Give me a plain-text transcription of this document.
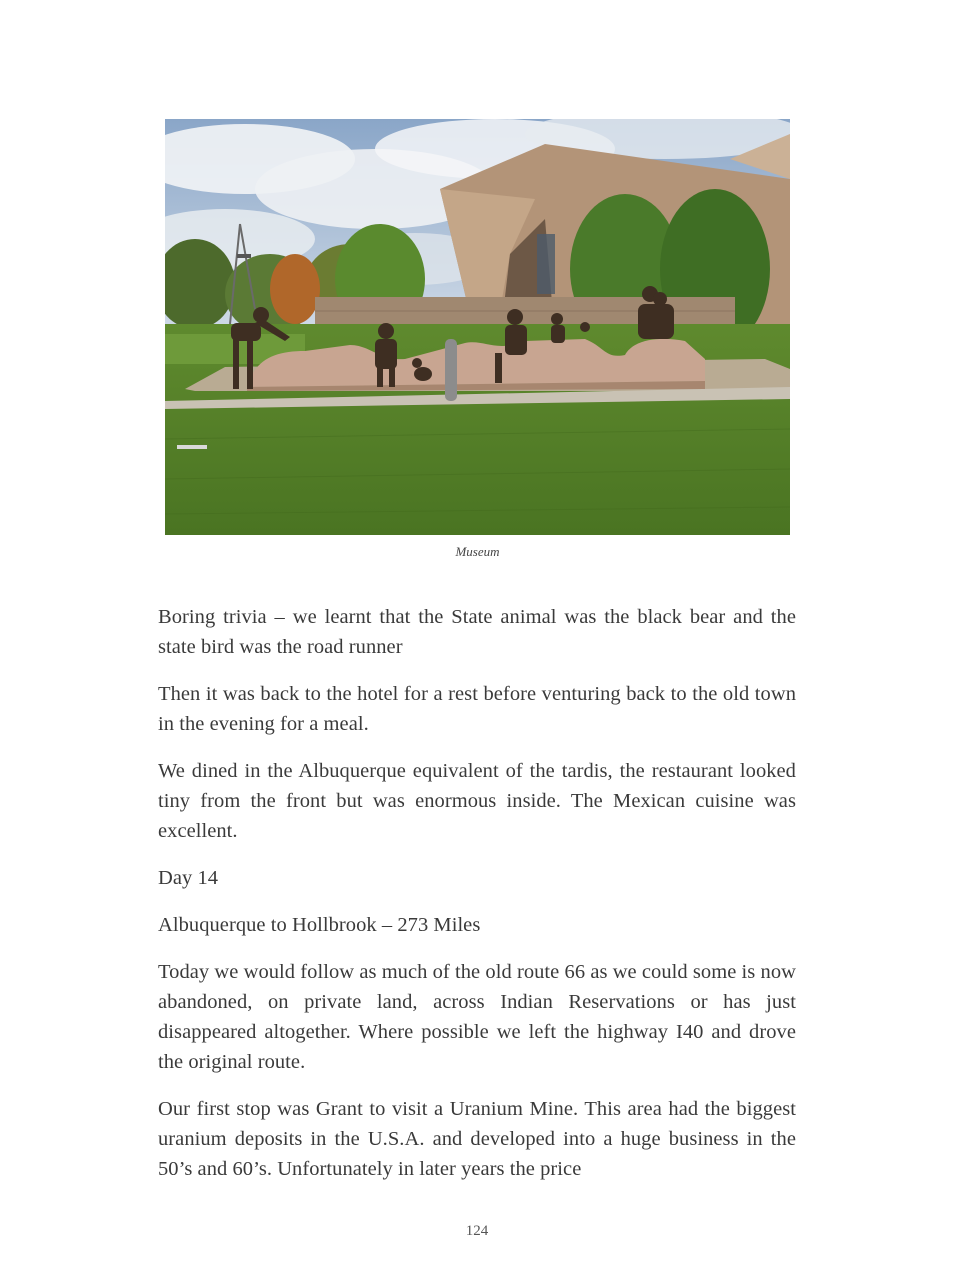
Museum

Boring trivia – we learnt that the State animal was the black bear and the state bird was the road runner

Then it was back to the hotel for a rest before venturing back to the old town in the evening for a meal.

We dined in the Albuquerque equivalent of the tardis, the restaurant looked tiny from the front but was enormous inside. The Mexican cuisine was excellent.

Day 14

Albuquerque to Hollbrook – 273 Miles

Today we would follow as much of the old route 66 as we could some is now abandoned, on private land, across Indian Reservations or has just disappeared altogether. Where possible we left the highway I40 and drove the original route.

Our first stop was Grant to visit a Uranium Mine. This area had the biggest uranium deposits in the U.S.A. and developed into a huge business in the 50’s and 60’s. Unfortunately in later years the price

124
